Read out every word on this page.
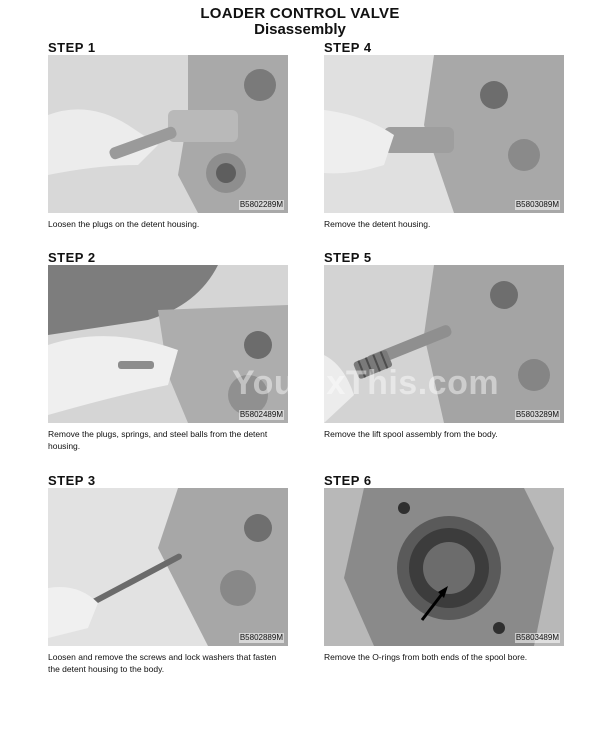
LOADER CONTROL VALVE
Disassembly
STEP 1
B5802289M
Loosen the plugs on the detent housing.
STEP 2
B5802489M
Remove the plugs, springs, and steel balls from the detent
housing.
STEP 3
B5802889M
Loosen and remove the screws and lock washers that fasten
the detent housing to the body.
STEP 4
B5803089M
Remove the detent housing.
STEP 5
B5803289M
Remove the lift spool assembly from the body.
STEP 6
B5803489M
Remove the O-rings from both ends of the spool bore.
YouFixThis.com
